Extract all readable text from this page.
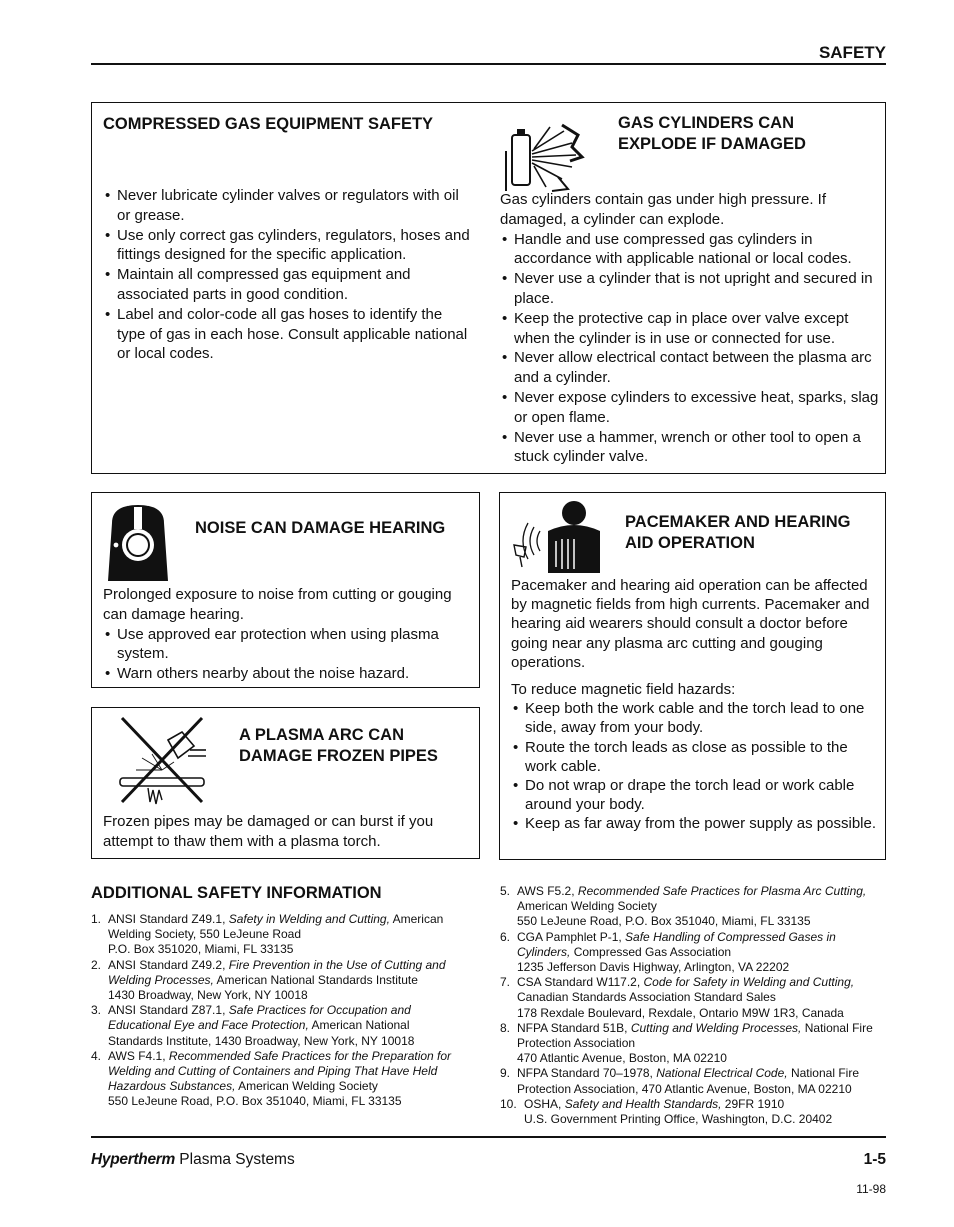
SAFETY
COMPRESSED GAS EQUIPMENT SAFETY
• Never lubricate cylinder valves or regulators with oil or grease.
• Use only correct gas cylinders, regulators, hoses and fittings designed for the specific application.
• Maintain all compressed gas equipment and associated parts in good condition.
• Label and color-code all gas hoses to identify the type of gas in each hose. Consult applicable national or local codes.
GAS CYLINDERS CAN EXPLODE IF DAMAGED

Gas cylinders contain gas under high pressure. If damaged, a cylinder can explode.

• Handle and use compressed gas cylinders in accordance with applicable national or local codes.
• Never use a cylinder that is not upright and secured in place.
• Keep the protective cap in place over valve except when the cylinder is in use or connected for use.
• Never allow electrical contact between the plasma arc and a cylinder.
• Never expose cylinders to excessive heat, sparks, slag or open flame.
• Never use a hammer, wrench or other tool to open a stuck cylinder valve.
NOISE CAN DAMAGE HEARING

Prolonged exposure to noise from cutting or gouging can damage hearing.

• Use approved ear protection when using plasma system.
• Warn others nearby about the noise hazard.
A PLASMA ARC CAN DAMAGE FROZEN PIPES

Frozen pipes may be damaged or can burst if you attempt to thaw them with a plasma torch.

PACEMAKER AND HEARING AID OPERATION

Pacemaker and hearing aid operation can be affected by magnetic fields from high currents. Pacemaker and hearing aid wearers should consult a doctor before going near any plasma arc cutting and gouging operations.

To reduce magnetic field hazards:

• Keep both the work cable and the torch lead to one side, away from your body.
• Route the torch leads as close as possible to the work cable.
• Do not wrap or drape the torch lead or work cable around your body.
• Keep as far away from the power supply as possible.
ADDITIONAL SAFETY INFORMATION
1. ANSI Standard Z49.1, Safety in Welding and Cutting, American Welding Society, 550 LeJeune Road
P.O. Box 351020, Miami, FL 33135
2. ANSI Standard Z49.2, Fire Prevention in the Use of Cutting and Welding Processes, American National Standards Institute
1430 Broadway, New York, NY 10018
3. ANSI Standard Z87.1, Safe Practices for Occupation and Educational Eye and Face Protection, American National Standards Institute, 1430 Broadway, New York, NY 10018
4. AWS F4.1, Recommended Safe Practices for the Preparation for Welding and Cutting of Containers and Piping That Have Held Hazardous Substances, American Welding Society
550 LeJeune Road, P.O. Box 351040, Miami, FL 33135
5. AWS F5.2, Recommended Safe Practices for Plasma Arc Cutting, American Welding Society
550 LeJeune Road, P.O. Box 351040, Miami, FL 33135
6. CGA Pamphlet P-1, Safe Handling of Compressed Gases in Cylinders, Compressed Gas Association
1235 Jefferson Davis Highway, Arlington, VA 22202
7. CSA Standard W117.2, Code for Safety in Welding and Cutting, Canadian Standards Association Standard Sales
178 Rexdale Boulevard, Rexdale, Ontario M9W 1R3, Canada
8. NFPA Standard 51B, Cutting and Welding Processes, National Fire Protection Association
470 Atlantic Avenue, Boston, MA 02210
9. NFPA Standard 70–1978, National Electrical Code, National Fire Protection Association, 470 Atlantic Avenue, Boston, MA 02210
10. OSHA, Safety and Health Standards, 29FR 1910
U.S. Government Printing Office, Washington, D.C. 20402
Hypertherm Plasma Systems	1-5
11-98
